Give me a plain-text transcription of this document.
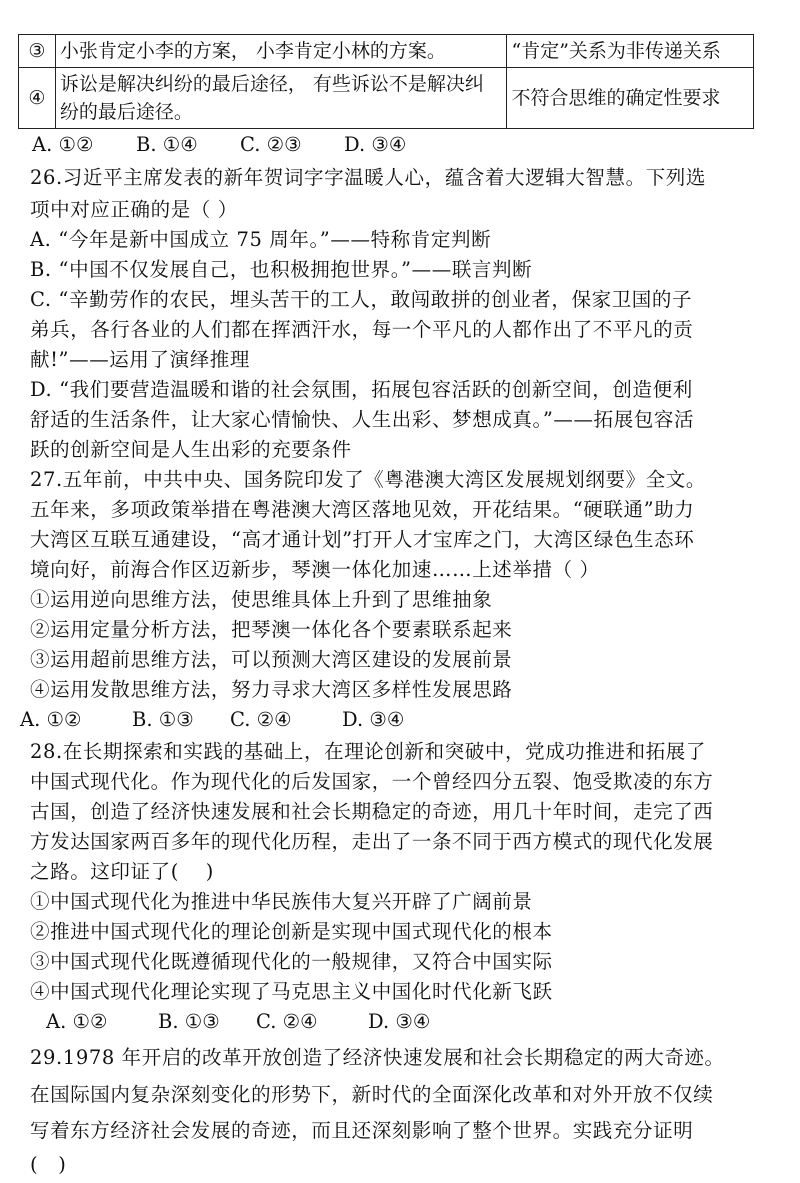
③	小张肯定小李的方案， 小李肯定小林的方案。	“肯定”关系为非传递关系
④	诉讼是解决纠纷的最后途径， 有些诉讼不是解决纠纷的最后途径。	不符合思维的确定性要求
A. ①② B. ①④ C. ②③ D. ③④
26.习近平主席发表的新年贺词字字温暖人心，蕴含着大逻辑大智慧。下列选
项中对应正确的是（ ）
A. “今年是新中国成立 75 周年。”——特称肯定判断
B. “中国不仅发展自己，也积极拥抱世界。”——联言判断
C. “辛勤劳作的农民，埋头苦干的工人，敢闯敢拼的创业者，保家卫国的子
弟兵，各行各业的人们都在挥洒汗水，每一个平凡的人都作出了不平凡的贡
献!”——运用了演绎推理
D. “我们要营造温暖和谐的社会氛围，拓展包容活跃的创新空间，创造便利
舒适的生活条件，让大家心情愉快、人生出彩、梦想成真。”——拓展包容活
跃的创新空间是人生出彩的充要条件
27.五年前，中共中央、国务院印发了《粤港澳大湾区发展规划纲要》全文。
五年来，多项政策举措在粤港澳大湾区落地见效，开花结果。“硬联通”助力
大湾区互联互通建设，“高才通计划”打开人才宝库之门，大湾区绿色生态环
境向好，前海合作区迈新步，琴澳一体化加速……上述举措（ ）
①运用逆向思维方法，使思维具体上升到了思维抽象
②运用定量分析方法，把琴澳一体化各个要素联系起来
③运用超前思维方法，可以预测大湾区建设的发展前景
④运用发散思维方法，努力寻求大湾区多样性发展思路
A. ①②	B. ①③ C. ②④	D. ③④
28.在长期探索和实践的基础上，在理论创新和突破中，党成功推进和拓展了
中国式现代化。作为现代化的后发国家，一个曾经四分五裂、饱受欺凌的东方
古国，创造了经济快速发展和社会长期稳定的奇迹，用几十年时间，走完了西
方发达国家两百多年的现代化历程，走出了一条不同于西方模式的现代化发展
之路。这印证了(　 )
①中国式现代化为推进中华民族伟大复兴开辟了广阔前景
②推进中国式现代化的理论创新是实现中国式现代化的根本
③中国式现代化既遵循现代化的一般规律，又符合中国实际
④中国式现代化理论实现了马克思主义中国化时代化新飞跃
A. ①②	B. ①③ C. ②④	D. ③④
29.1978 年开启的改革开放创造了经济快速发展和社会长期稳定的两大奇迹。
在国际国内复杂深刻变化的形势下，新时代的全面深化改革和对外开放不仅续
写着东方经济社会发展的奇迹，而且还深刻影响了整个世界。实践充分证明
(　)
